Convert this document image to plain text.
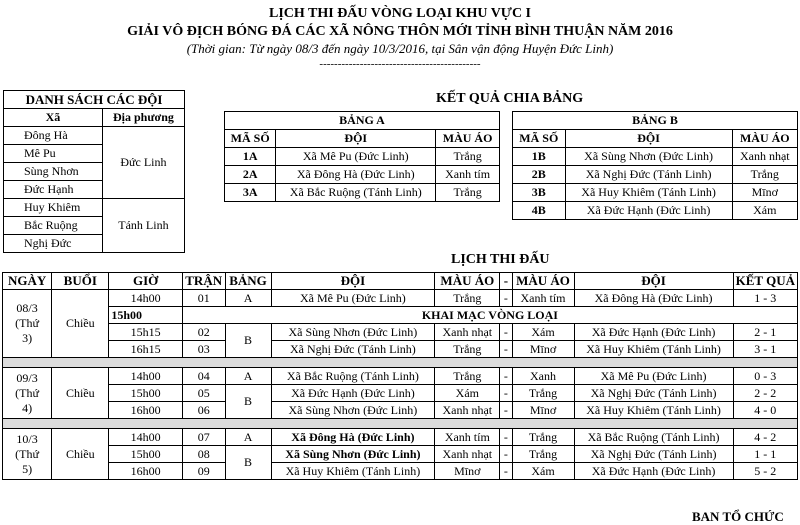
LỊCH THI ĐẤU VÒNG LOẠI KHU VỰC I
GIẢI VÔ ĐỊCH BÓNG ĐÁ CÁC XÃ NÔNG THÔN MỚI TỈNH BÌNH THUẬN NĂM 2016
(Thời gian: Từ ngày 08/3 đến ngày 10/3/2016, tại Sân vận động Huyện Đức Linh)
--------------------------------------------
DANH SÁCH CÁC ĐỘI	
Xã	Địa phương
Đông Hà	Đức Linh
Mê Pu	
Sùng Nhơn	
Đức Hạnh	
Huy Khiêm	Tánh Linh
Bắc Ruộng	
Nghị Đức	
KẾT QUẢ CHIA BẢNG
BẢNG A		
MÃ SỐ	ĐỘI	MÀU ÁO
1A	Xã Mê Pu (Đức Linh)	Trắng
2A	Xã Đông Hà (Đức Linh)	Xanh tím
3A	Xã Bắc Ruộng (Tánh Linh)	Trắng
BẢNG B		
MÃ SỐ	ĐỘI	MÀU ÁO
1B	Xã Sùng Nhơn (Đức Linh)	Xanh nhạt
2B	Xã Nghị Đức (Tánh Linh)	Trắng
3B	Xã Huy Khiêm (Tánh Linh)	Mīnơ
4B	Xã Đức Hạnh (Đức Linh)	Xám
LỊCH THI ĐẤU
NGÀY	BUỔI	GIỜ	TRẬN	BẢNG	ĐỘI	MÀU ÁO	-	MÀU ÁO	ĐỘI	KẾT QUẢ
08/3
(Thứ
3)	Chiều	14h00	01	A	Xã Mê Pu (Đức Linh)	Trắng	-	Xanh tím	Xã Đông Hà (Đức Linh)	1 - 3
		15h00	KHAI MẠC VÒNG LOẠI							
		15h15	02	B	Xã Sùng Nhơn (Đức Linh)	Xanh nhạt	-	Xám	Xã Đức Hạnh (Đức Linh)	2 - 1
		16h15	03		Xã Nghị Đức (Tánh Linh)	Trắng	-	Mīnơ	Xã Huy Khiêm (Tánh Linh)	3 - 1

09/3
(Thứ
4)	Chiều	14h00	04	A	Xã Bắc Ruộng (Tánh Linh)	Trắng	-	Xanh	Xã Mê Pu (Đức Linh)	0 - 3
		15h00	05	B	Xã Đức Hạnh (Đức Linh)	Xám	-	Trắng	Xã Nghị Đức (Tánh Linh)	2 - 2
		16h00	06		Xã Sùng Nhơn (Đức Linh)	Xanh nhạt	-	Mīnơ	Xã Huy Khiêm (Tánh Linh)	4 - 0

10/3
(Thứ
5)	Chiều	14h00	07	A	Xã Đông Hà (Đức Linh)	Xanh tím	-	Trắng	Xã Bắc Ruộng (Tánh Linh)	4 - 2
		15h00	08	B	Xã Sùng Nhơn (Đức Linh)	Xanh nhạt	-	Trắng	Xã Nghị Đức (Tánh Linh)	1 - 1
		16h00	09		Xã Huy Khiêm (Tánh Linh)	Mīnơ	-	Xám	Xã Đức Hạnh (Đức Linh)	5 - 2
BAN TỔ CHỨC
